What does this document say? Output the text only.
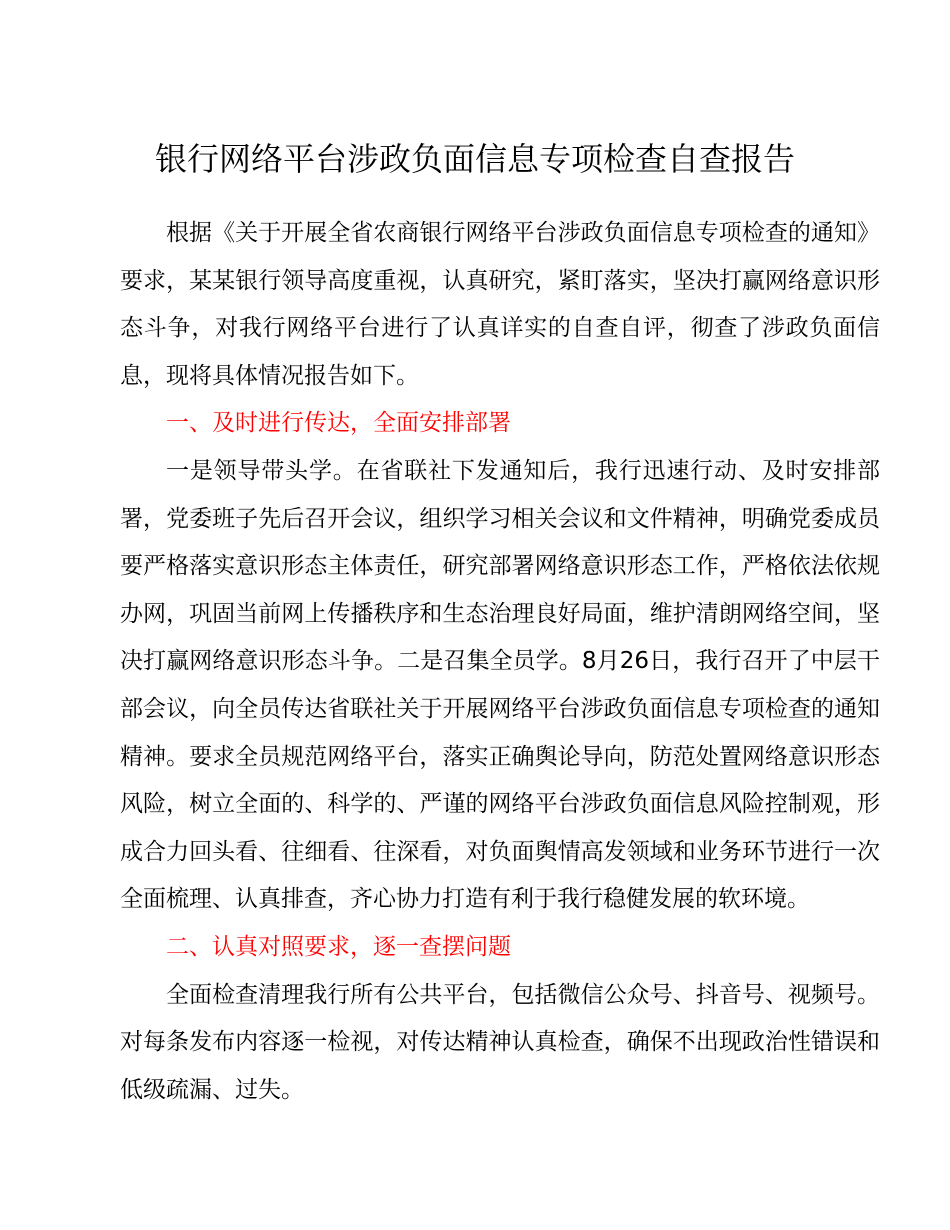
银行网络平台涉政负面信息专项检查自查报告

根据《关于开展全省农商银行网络平台涉政负面信息专项检查的通知》要求，某某银行领导高度重视，认真研究，紧盯落实，坚决打赢网络意识形态斗争，对我行网络平台进行了认真详实的自查自评，彻查了涉政负面信息，现将具体情况报告如下。

一、及时进行传达，全面安排部署

一是领导带头学。在省联社下发通知后，我行迅速行动、及时安排部署，党委班子先后召开会议，组织学习相关会议和文件精神，明确党委成员要严格落实意识形态主体责任，研究部署网络意识形态工作，严格依法依规办网，巩固当前网上传播秩序和生态治理良好局面，维护清朗网络空间，坚决打赢网络意识形态斗争。二是召集全员学。8月26日，我行召开了中层干部会议，向全员传达省联社关于开展网络平台涉政负面信息专项检查的通知精神。要求全员规范网络平台，落实正确舆论导向，防范处置网络意识形态风险，树立全面的、科学的、严谨的网络平台涉政负面信息风险控制观，形成合力回头看、往细看、往深看，对负面舆情高发领域和业务环节进行一次全面梳理、认真排查，齐心协力打造有利于我行稳健发展的软环境。

二、认真对照要求，逐一查摆问题

全面检查清理我行所有公共平台，包括微信公众号、抖音号、视频号。对每条发布内容逐一检视，对传达精神认真检查，确保不出现政治性错误和低级疏漏、过失。
